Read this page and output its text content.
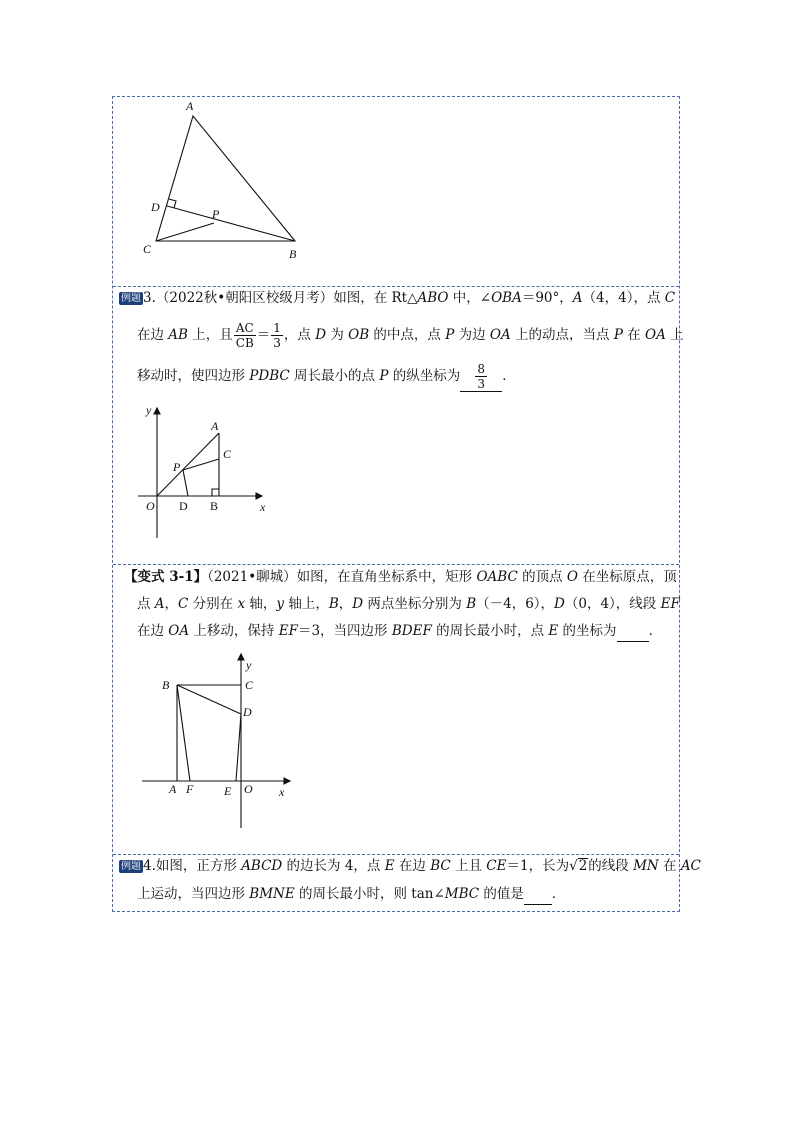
A
D	P
C	B
例题 3.（2022秋•朝阳区校级月考）如图，在 Rt△ABO 中，∠OBA＝90°，A（4，4），点 C
在边 AB 上，且 $\frac{AC}{CB} = \frac{1}{3}$ ，点 D 为 OB 的中点，点 P 为边 OA 上的动点，当点 P 在 OA 上
移动时，使四边形 PDBC 周长最小的点 P 的纵坐标为 $\frac{8}{3}$ ．
y
A
C
P
O D B	x
【变式 3-1】（2021•聊城）如图，在直角坐标系中，矩形 OABC 的顶点 O 在坐标原点，顶
点 A，C 分别在 x 轴，y 轴上，B，D 两点坐标分别为 B（－4，6），D（0，4），线段 EF
在边 OA 上移动，保持 EF＝3，当四边形 BDEF 的周长最小时，点 E 的坐标为 ．
y
B	C
D
A F	E O x
例题 4.如图，正方形 ABCD 的边长为 4，点 E 在边 BC 上且 CE＝1，长为√2的线段 MN 在 AC
上运动，当四边形 BMNE 的周长最小时，则 tan∠MBC 的值是 ．
